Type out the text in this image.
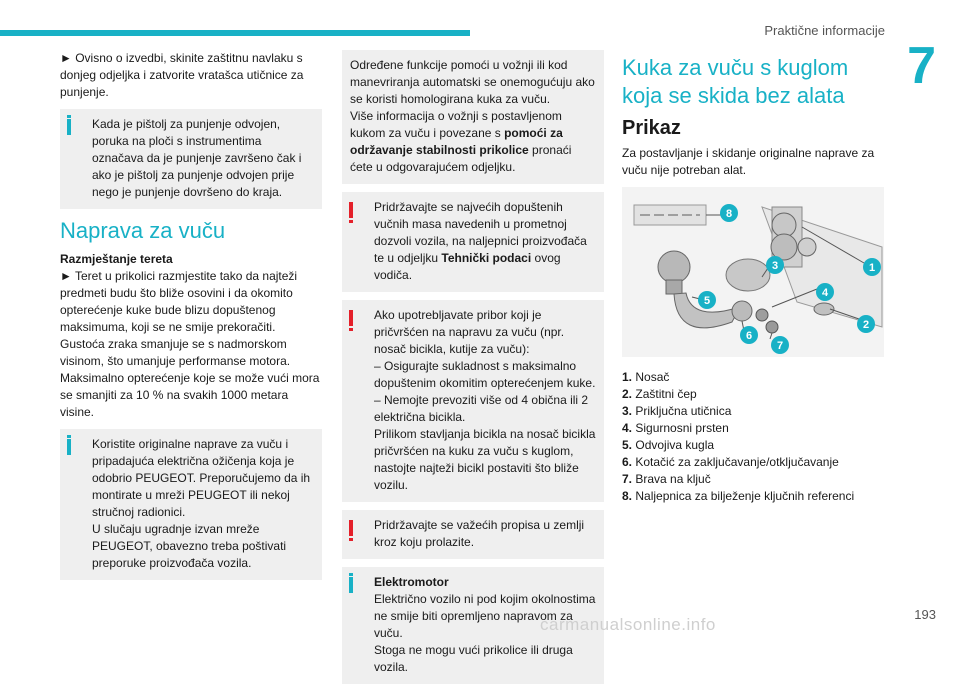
Praktične informacije
7

► Ovisno o izvedbi, skinite zaštitnu navlaku s donjeg odjeljka i zatvorite vratašca utičnice za punjenje.

Kada je pištolj za punjenje odvojen, poruka na ploči s instrumentima označava da je punjenje završeno čak i ako je pištolj za punjenje odvojen prije nego je punjenje dovršeno do kraja.

Naprava za vuču

Razmještanje tereta

► Teret u prikolici razmjestite tako da najteži predmeti budu što bliže osovini i da okomito opterećenje kuke bude blizu dopuštenog maksimuma, koji se ne smije prekoračiti. Gustoća zraka smanjuje se s nadmorskom visinom, što umanjuje performanse motora. Maksimalno opterećenje koje se može vući mora se smanjiti za 10 % na svakih 1000 metara visine.

Koristite originalne naprave za vuču i pripadajuća električna ožičenja koja je odobrio PEUGEOT. Preporučujemo da ih montirate u mreži PEUGEOT ili nekoj stručnoj radionici.
U slučaju ugradnje izvan mreže PEUGEOT, obavezno treba poštivati preporuke proizvođača vozila.

Određene funkcije pomoći u vožnji ili kod manevriranja automatski se onemogućuju ako se koristi homologirana kuka za vuču.
Više informacija o vožnji s postavljenom kukom za vuču i povezane s pomoći za održavanje stabilnosti prikolice pronaći ćete u odgovarajućem odjeljku.

Pridržavajte se najvećih dopuštenih vučnih masa navedenih u prometnoj dozvoli vozila, na naljepnici proizvođača te u odjeljku Tehnički podaci ovog vodiča.

Ako upotrebljavate pribor koji je pričvršćen na napravu za vuču (npr. nosač bicikla, kutije za vuču):
– Osigurajte sukladnost s maksimalno dopuštenim okomitim opterećenjem kuke.
– Nemojte prevoziti više od 4 obična ili 2 električna bicikla.
Prilikom stavljanja bicikla na nosač bicikla pričvršćen na kuku za vuču s kuglom, nastojte najteži bicikl postaviti što bliže vozilu.

Pridržavajte se važećih propisa u zemlji kroz koju prolazite.

Elektromotor

Električno vozilo ni pod kojim okolnostima ne smije biti opremljeno napravom za vuču.
Stoga ne mogu vući prikolice ili druga vozila.

Kuka za vuču s kuglom koja se skida bez alata
Prikaz

Za postavljanje i skidanje originalne naprave za vuču nije potreban alat.

8
1
2
3
4
5
6
7
1. Nosač
2. Zaštitni čep
3. Priključna utičnica
4. Sigurnosni prsten
5. Odvojiva kugla
6. Kotačić za zaključavanje/otključavanje
7. Brava na ključ
8. Naljepnica za bilježenje ključnih referenci
193
carmanualsonline.info
